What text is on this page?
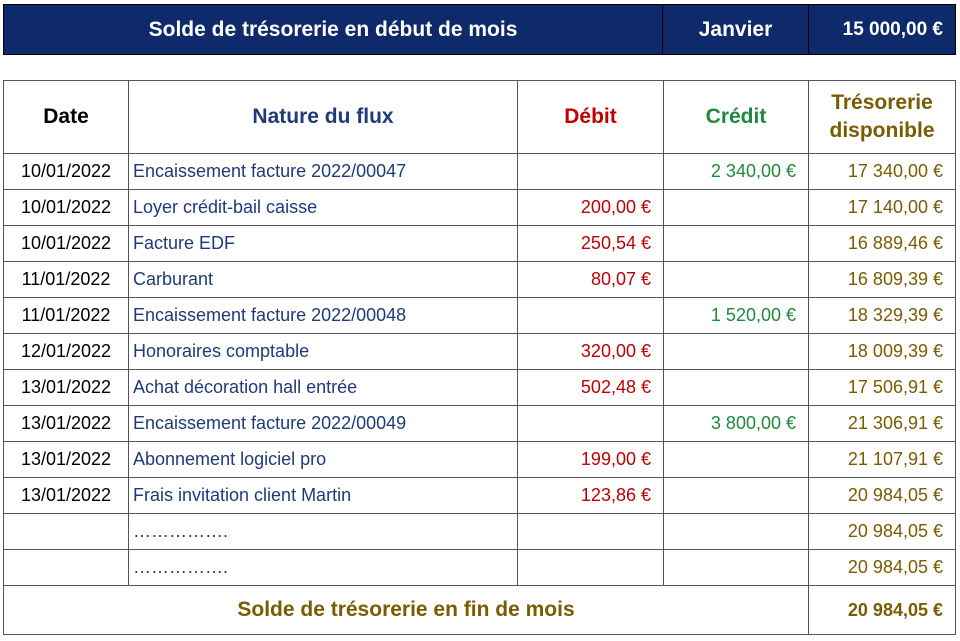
Solde de trésorerie en début de mois	Janvier	15 000,00 €
Date	Nature du flux	Débit	Crédit	Trésorerie disponible
10/01/2022	Encaissement facture 2022/00047		2 340,00 €	17 340,00 €
10/01/2022	Loyer crédit-bail caisse	200,00 €		17 140,00 €
10/01/2022	Facture EDF	250,54 €		16 889,46 €
11/01/2022	Carburant	80,07 €		16 809,39 €
11/01/2022	Encaissement facture 2022/00048		1 520,00 €	18 329,39 €
12/01/2022	Honoraires comptable	320,00 €		18 009,39 €
13/01/2022	Achat décoration hall entrée	502,48 €		17 506,91 €
13/01/2022	Encaissement facture 2022/00049		3 800,00 €	21 306,91 €
13/01/2022	Abonnement logiciel pro	199,00 €		21 107,91 €
13/01/2022	Frais invitation client Martin	123,86 €		20 984,05 €
	…………….			20 984,05 €
	…………….			20 984,05 €
Solde de trésorerie en fin de mois				20 984,05 €
